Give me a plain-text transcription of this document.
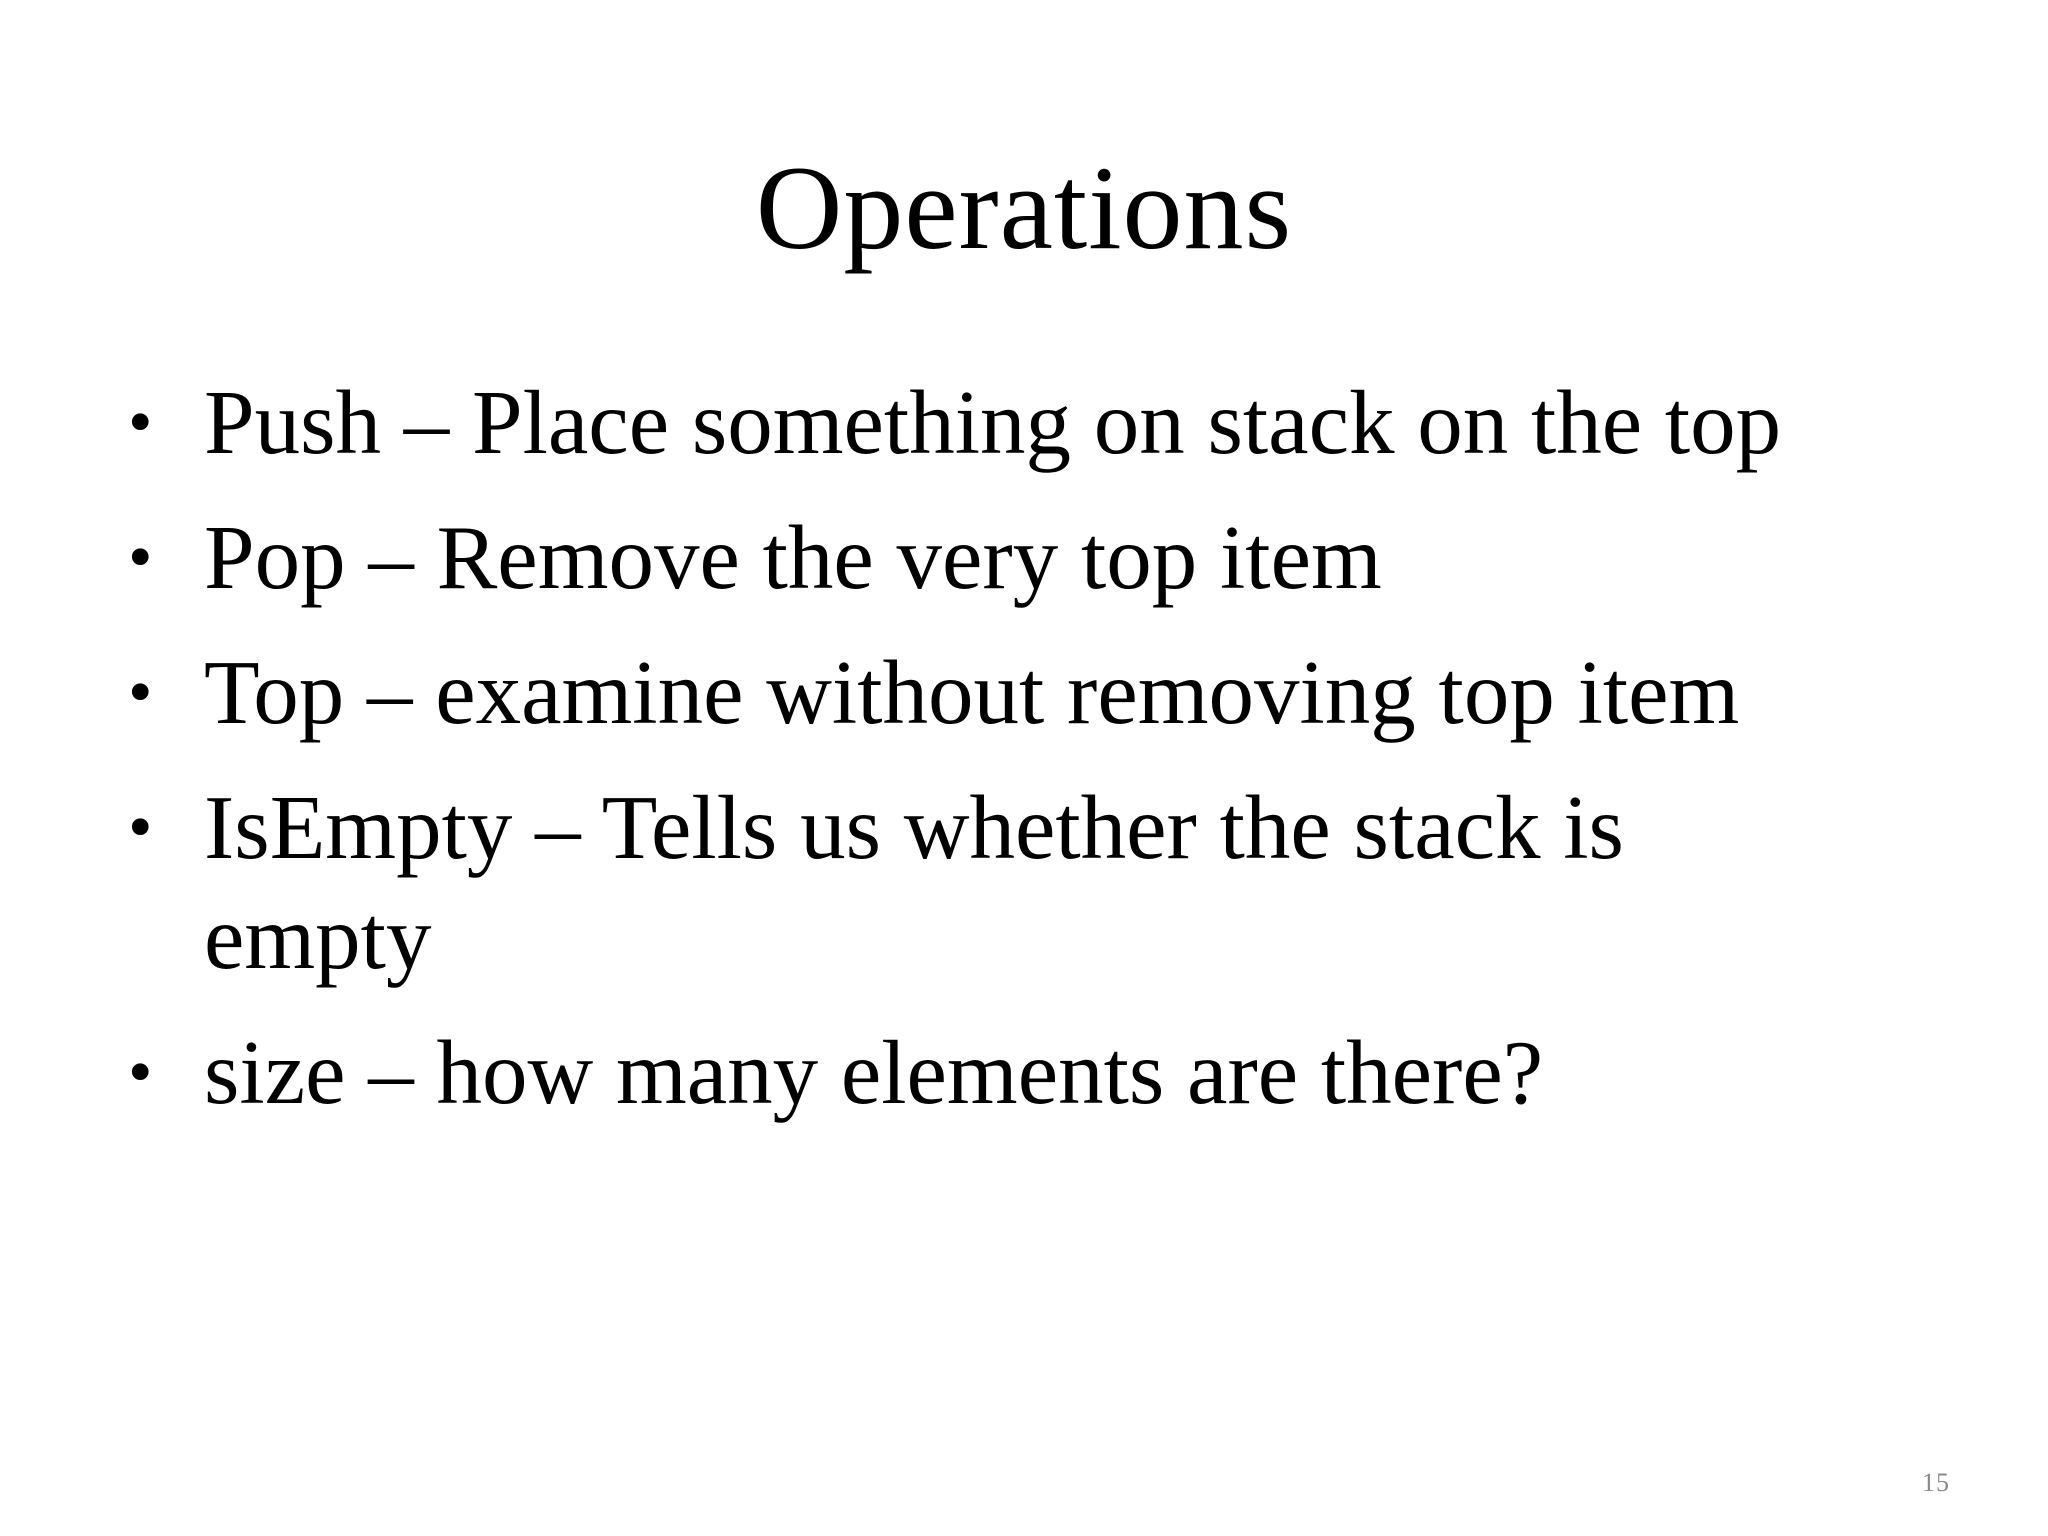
Operations
• Push – Place something on stack on the top
• Pop – Remove the very top item
• Top – examine without removing top item
• IsEmpty – Tells us whether the stack is empty
• size – how many elements are there?
15
